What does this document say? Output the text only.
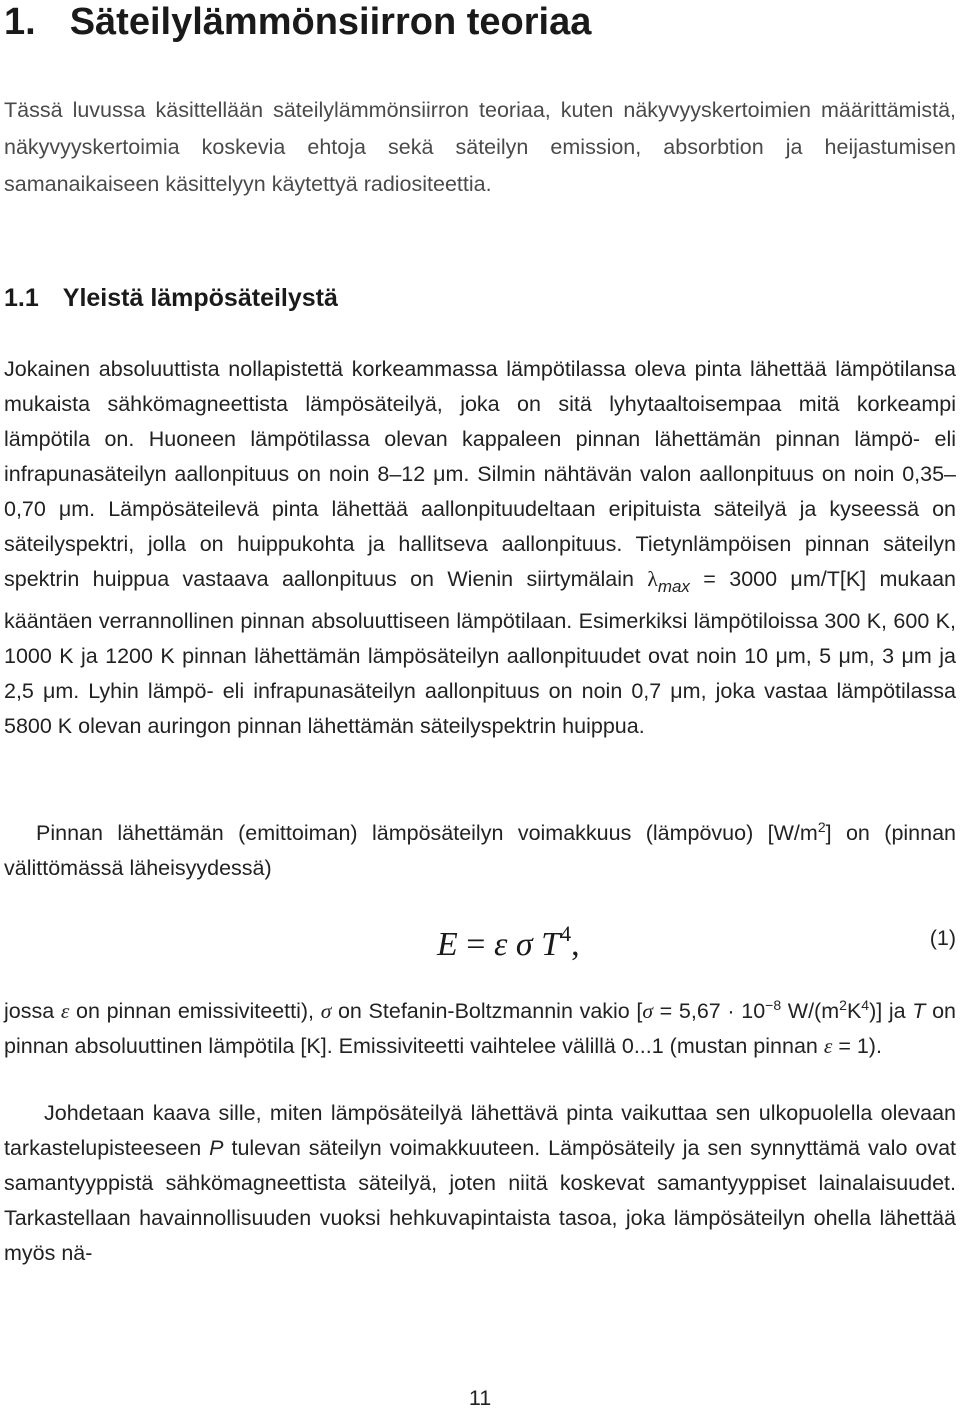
1. Säteilylämmönsiirron teoriaa

Tässä luvussa käsittellään säteilylämmönsiirron teoriaa, kuten näkyvyyskertoimien määrittämistä, näkyvyyskertoimia koskevia ehtoja sekä säteilyn emission, absorbtion ja heijastumisen samanaikaiseen käsittelyyn käytettyä radiositeettia.

1.1 Yleistä lämpösäteilystä

Jokainen absoluuttista nollapistettä korkeammassa lämpötilassa oleva pinta lähettää lämpötilansa mukaista sähkömagneettista lämpösäteilyä, joka on sitä lyhytaaltoisempaa mitä korkeampi lämpötila on. Huoneen lämpötilassa olevan kappaleen pinnan lähettämän pinnan lämpö- eli infrapunasäteilyn aallonpituus on noin 8–12 μm. Silmin nähtävän valon aallonpituus on noin 0,35–0,70 μm. Lämpösäteilevä pinta lähettää aallonpituudeltaan eripituista säteilyä ja kyseessä on säteilyspektri, jolla on huippukohta ja hallitseva aallonpituus. Tietynlämpöisen pinnan säteilyn spektrin huippua vastaava aallonpituus on Wienin siirtymälain $\lambda_{max} = 3000$ μm/T[K] mukaan kääntäen verrannollinen pinnan absoluuttiseen lämpötilaan. Esimerkiksi lämpötiloissa 300 K, 600 K, 1000 K ja 1200 K pinnan lähettämän lämpösäteilyn aallonpituudet ovat noin 10 μm, 5 μm, 3 μm ja 2,5 μm. Lyhin lämpö- eli infrapunasäteilyn aallonpituus on noin 0,7 μm, joka vastaa lämpötilassa 5800 K olevan auringon pinnan lähettämän säteilyspektrin huippua.

Pinnan lähettämän (emittoiman) lämpösäteilyn voimakkuus (lämpövuo) $[W/m^2]$ on (pinnan välittömässä läheisyydessä)

E = ε σ $T^4$,	(1)

jossa ε on pinnan emissiviteetti), σ on Stefanin-Boltzmannin vakio [$\sigma = 5,67 \cdot 10^{-8}$ $W/(m^2K^4)$] ja T on pinnan absoluuttinen lämpötila [K]. Emissiviteetti vaihtelee välillä 0...1 (mustan pinnan ε = 1).

Johdetaan kaava sille, miten lämpösäteilyä lähettävä pinta vaikuttaa sen ulkopuolella olevaan tarkastelupisteeseen P tulevan säteilyn voimakkuuteen. Lämpösäteily ja sen synnyttämä valo ovat samantyyppistä sähkömagneettista säteilyä, joten niitä koskevat samantyyppiset lainalaisuudet. Tarkastellaan havainnollisuuden vuoksi hehkuvapintaista tasoa, joka lämpösäteilyn ohella lähettää myös nä-

11
